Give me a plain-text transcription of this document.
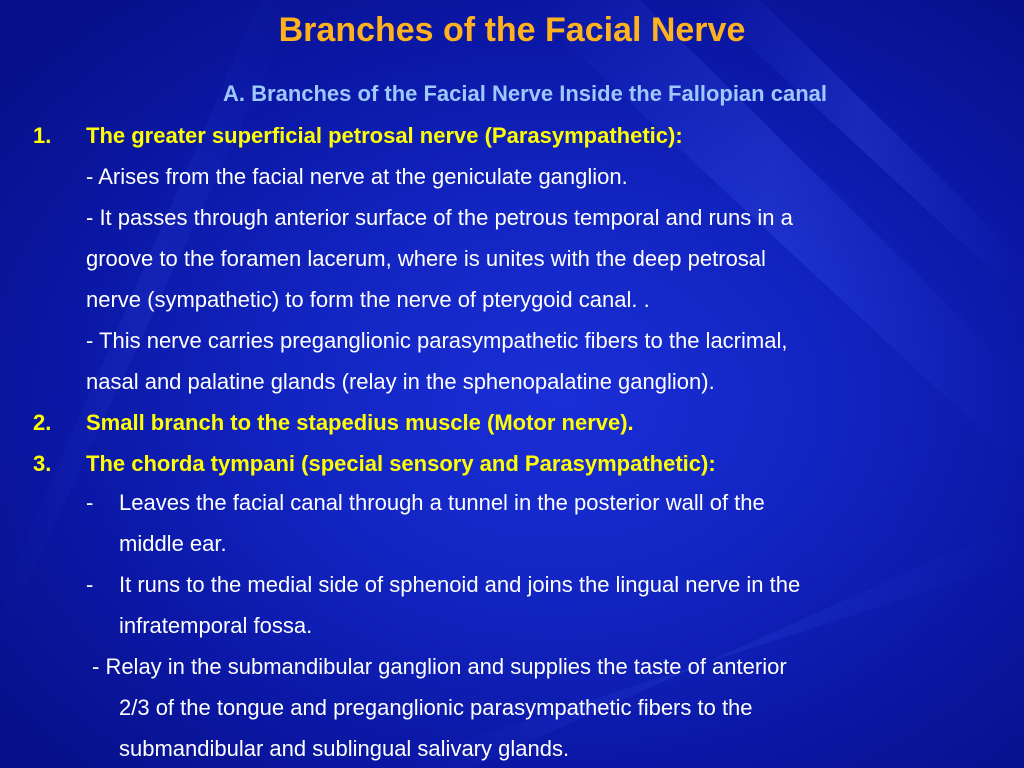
Branches of the Facial Nerve
A. Branches of the Facial Nerve Inside the Fallopian canal
1. The greater superficial petrosal nerve (Parasympathetic):
- Arises from the facial nerve at the geniculate ganglion.
- It passes through anterior surface of the petrous temporal and runs in a
groove to the foramen lacerum, where is unites with the deep petrosal
nerve (sympathetic) to form the nerve of pterygoid canal. .
- This nerve carries preganglionic parasympathetic fibers to the lacrimal,
nasal and palatine glands (relay in the sphenopalatine ganglion).
2. Small branch to the stapedius muscle (Motor nerve).
3. The chorda tympani (special sensory and Parasympathetic):
- Leaves the facial canal through a tunnel in the posterior wall of the
middle ear.
- It runs to the medial side of sphenoid and joins the lingual nerve in the
infratemporal fossa.
- Relay in the submandibular ganglion and supplies the taste of anterior
2/3 of the tongue and preganglionic parasympathetic fibers to the
submandibular and sublingual salivary glands.
